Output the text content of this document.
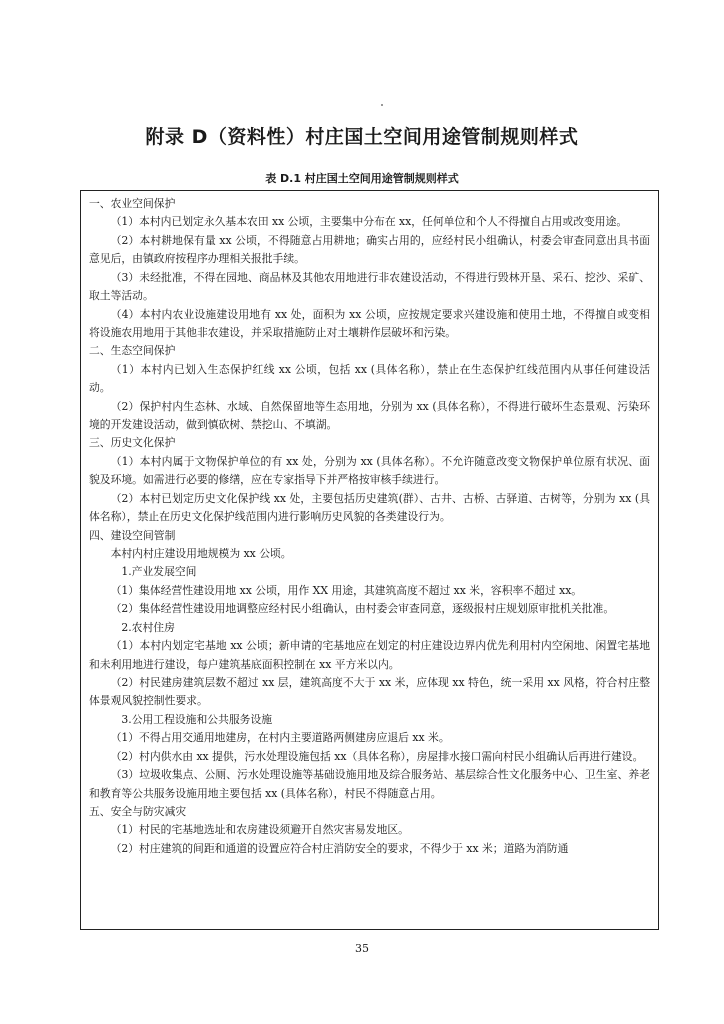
附录 D（资料性）村庄国土空间用途管制规则样式
表 D.1 村庄国土空间用途管制规则样式
一、农业空间保护
（1）本村内已划定永久基本农田 xx 公顷，主要集中分布在 xx，任何单位和个人不得擅自占用或改变用途。
（2）本村耕地保有量 xx 公顷，不得随意占用耕地；确实占用的，应经村民小组确认，村委会审查同意出具书面意见后，由镇政府按程序办理相关报批手续。
（3）未经批准，不得在园地、商品林及其他农用地进行非农建设活动，不得进行毁林开垦、采石、挖沙、采矿、取土等活动。
（4）本村内农业设施建设用地有 xx 处，面积为 xx 公顷，应按规定要求兴建设施和使用土地，不得擅自或变相将设施农用地用于其他非农建设，并采取措施防止对土壤耕作层破坏和污染。
二、生态空间保护
（1）本村内已划入生态保护红线 xx 公顷，包括 xx (具体名称），禁止在生态保护红线范围内从事任何建设活动。
（2）保护村内生态林、水域、自然保留地等生态用地，分别为 xx (具体名称），不得进行破坏生态景观、污染环境的开发建设活动，做到慎砍树、禁挖山、不填湖。
三、历史文化保护
（1）本村内属于文物保护单位的有 xx 处，分别为 xx (具体名称）。不允许随意改变文物保护单位原有状况、面貌及环境。如需进行必要的修缮，应在专家指导下并严格按审核手续进行。
（2）本村已划定历史文化保护线 xx 处，主要包括历史建筑(群）、古井、古桥、古驿道、古树等，分别为 xx (具体名称），禁止在历史文化保护线范围内进行影响历史风貌的各类建设行为。
四、建设空间管制
本村内村庄建设用地规模为 xx 公顷。
1.产业发展空间
（1）集体经营性建设用地 xx 公顷，用作 XX 用途，其建筑高度不超过 xx 米，容积率不超过 xx。
（2）集体经营性建设用地调整应经村民小组确认，由村委会审查同意，逐级报村庄规划原审批机关批准。
2.农村住房
（1）本村内划定宅基地 xx 公顷；新申请的宅基地应在划定的村庄建设边界内优先利用村内空闲地、闲置宅基地和未利用地进行建设，每户建筑基底面积控制在 xx 平方米以内。
（2）村民建房建筑层数不超过 xx 层，建筑高度不大于 xx 米，应体现 xx 特色，统一采用 xx 风格，符合村庄整体景观风貌控制性要求。
3.公用工程设施和公共服务设施
（1）不得占用交通用地建房，在村内主要道路两侧建房应退后 xx 米。
（2）村内供水由 xx 提供，污水处理设施包括 xx（具体名称），房屋排水接口需向村民小组确认后再进行建设。
（3）垃圾收集点、公厕、污水处理设施等基础设施用地及综合服务站、基层综合性文化服务中心、卫生室、养老和教育等公共服务设施用地主要包括 xx (具体名称），村民不得随意占用。
五、安全与防灾减灾
（1）村民的宅基地选址和农房建设须避开自然灾害易发地区。
（2）村庄建筑的间距和通道的设置应符合村庄消防安全的要求，不得少于 xx 米；道路为消防通
35
